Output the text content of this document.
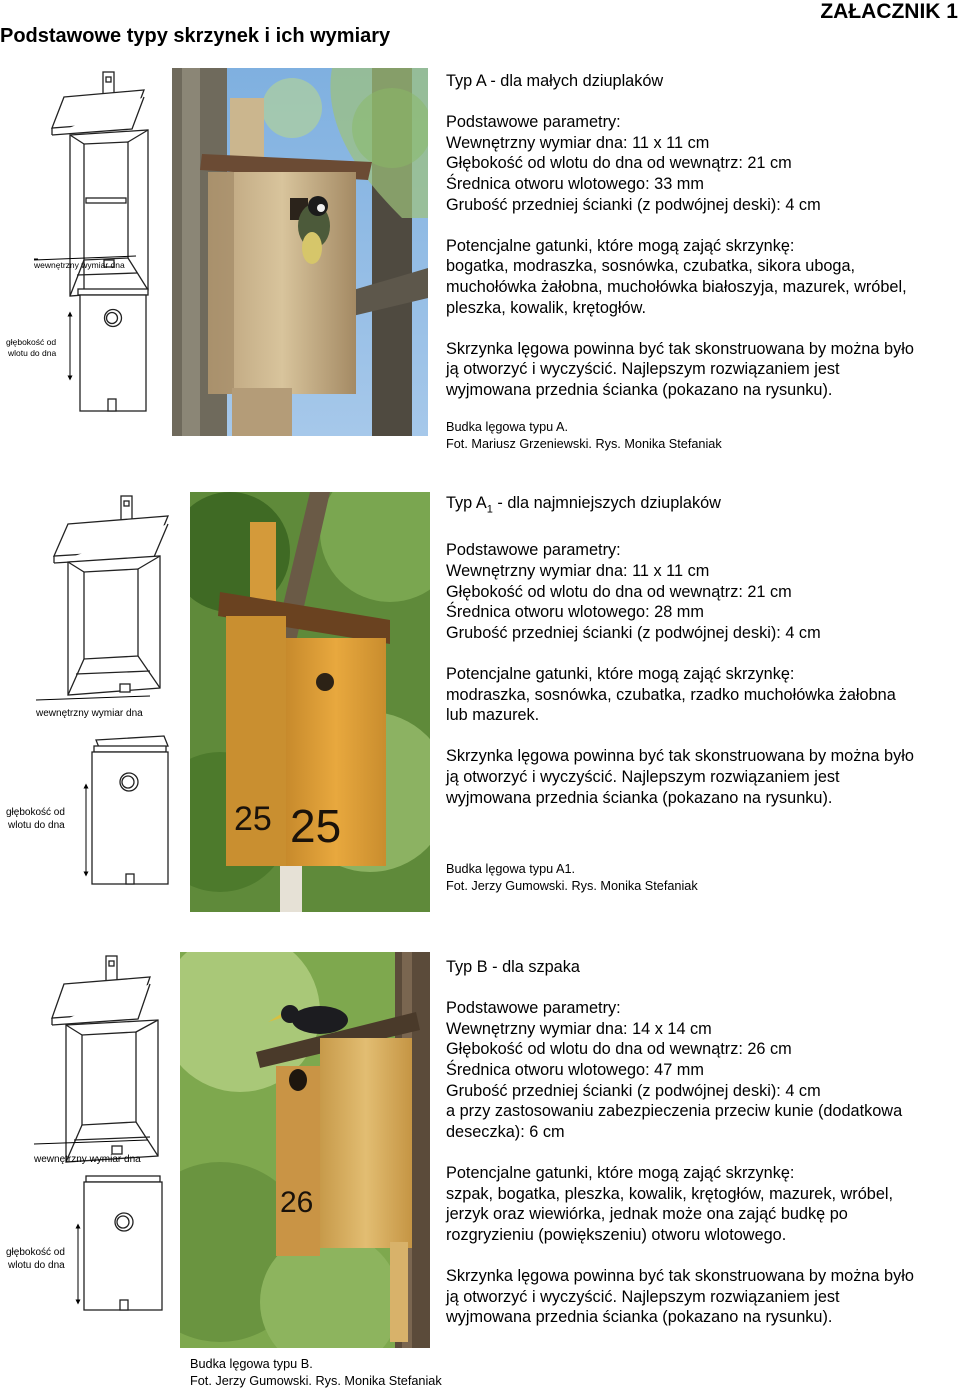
ZAŁACZNIK 1
Podstawowe typy skrzynek i ich wymiary
wewnętrzny wymiar dna
głębokość od
wlotu do dna
Typ A - dla małych dziuplaków
Podstawowe parametry:
Wewnętrzny wymiar dna: 11 x 11 cm
Głębokość od wlotu do dna od wewnątrz: 21 cm
Średnica otworu wlotowego: 33 mm
Grubość przedniej ścianki (z podwójnej deski): 4 cm
Potencjalne gatunki, które mogą zająć skrzynkę:
bogatka, modraszka, sosnówka, czubatka, sikora uboga,
muchołówka żałobna, muchołówka białoszyja, mazurek, wróbel,
pleszka, kowalik, krętogłów.
Skrzynka lęgowa powinna być tak skonstruowana by można było
ją otworzyć i wyczyścić. Najlepszym rozwiązaniem jest
wyjmowana przednia ścianka (pokazano na rysunku).
Budka lęgowa typu A.
Fot. Mariusz Grzeniewski. Rys. Monika Stefaniak
wewnętrzny wymiar dna
głębokość od
wlotu do dna	25 25
Typ $A_1$ - dla najmniejszych dziuplaków
Podstawowe parametry:
Wewnętrzny wymiar dna: 11 x 11 cm
Głębokość od wlotu do dna od wewnątrz: 21 cm
Średnica otworu wlotowego: 28 mm
Grubość przedniej ścianki (z podwójnej deski): 4 cm
Potencjalne gatunki, które mogą zająć skrzynkę:
modraszka, sosnówka, czubatka, rzadko muchołówka żałobna
lub mazurek.
Skrzynka lęgowa powinna być tak skonstruowana by można było
ją otworzyć i wyczyścić. Najlepszym rozwiązaniem jest
wyjmowana przednia ścianka (pokazano na rysunku).
Budka lęgowa typu A1.
Fot. Jerzy Gumowski. Rys. Monika Stefaniak
wewnętrzny wymiar dna
głębokość od
wlotu do dna
26
Typ B - dla szpaka
Podstawowe parametry:
Wewnętrzny wymiar dna: 14 x 14 cm
Głębokość od wlotu do dna od wewnątrz: 26 cm
Średnica otworu wlotowego: 47 mm
Grubość przedniej ścianki (z podwójnej deski): 4 cm
a przy zastosowaniu zabezpieczenia przeciw kunie (dodatkowa
deseczka): 6 cm
Potencjalne gatunki, które mogą zająć skrzynkę:
szpak, bogatka, pleszka, kowalik, krętogłów, mazurek, wróbel,
jerzyk oraz wiewiórka, jednak może ona zająć budkę po
rozgryzieniu (powiększeniu) otworu wlotowego.
Skrzynka lęgowa powinna być tak skonstruowana by można było
ją otworzyć i wyczyścić. Najlepszym rozwiązaniem jest
wyjmowana przednia ścianka (pokazano na rysunku).
Budka lęgowa typu B.
Fot. Jerzy Gumowski. Rys. Monika Stefaniak
